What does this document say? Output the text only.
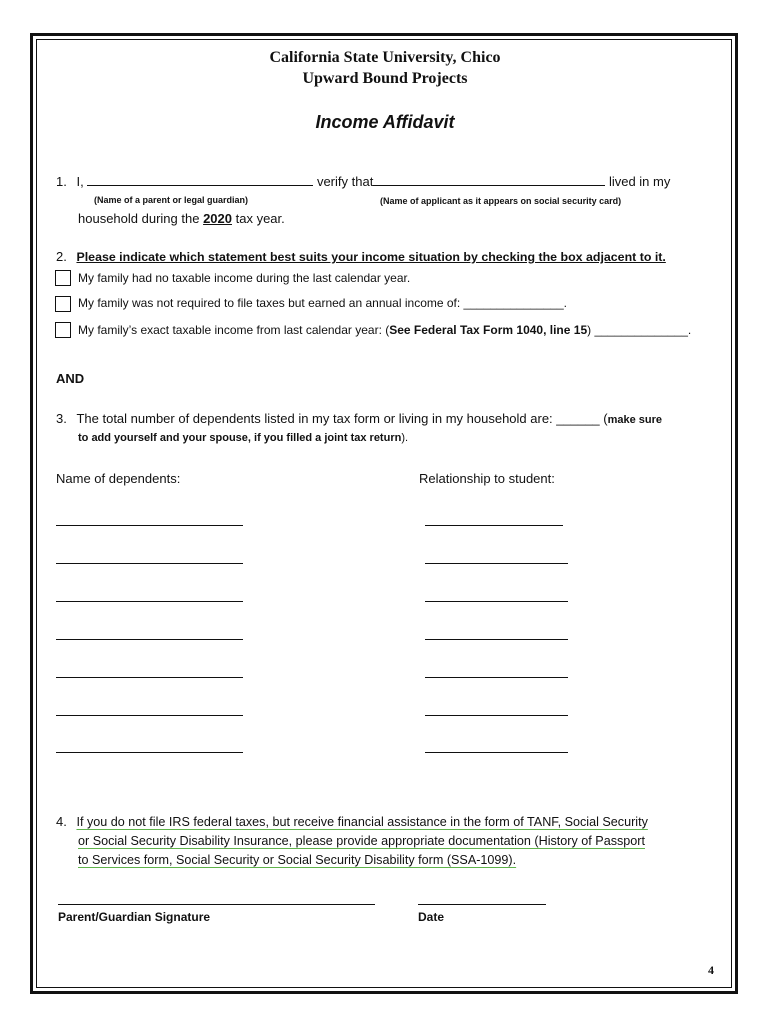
California State University, Chico
Upward Bound Projects
Income Affidavit
1. I,	verify that	lived in my
(Name of a parent or legal guardian)	(Name of applicant as it appears on social security card)
household during the 2020 tax year.
2. Please indicate which statement best suits your income situation by checking the box adjacent to it.
My family had no taxable income during the last calendar year.
My family was not required to file taxes but earned an annual income of: _______________.
My family’s exact taxable income from last calendar year: (See Federal Tax Form 1040, line 15) ______________.
AND
3. The total number of dependents listed in my tax form or living in my household are: ______ (make sure
to add yourself and your spouse, if you filled a joint tax return).
Name of dependents:	Relationship to student:
4. If you do not file IRS federal taxes, but receive financial assistance in the form of TANF, Social Security
or Social Security Disability Insurance, please provide appropriate documentation (History of Passport
to Services form, Social Security or Social Security Disability form (SSA-1099).
Parent/Guardian Signature	Date
4
